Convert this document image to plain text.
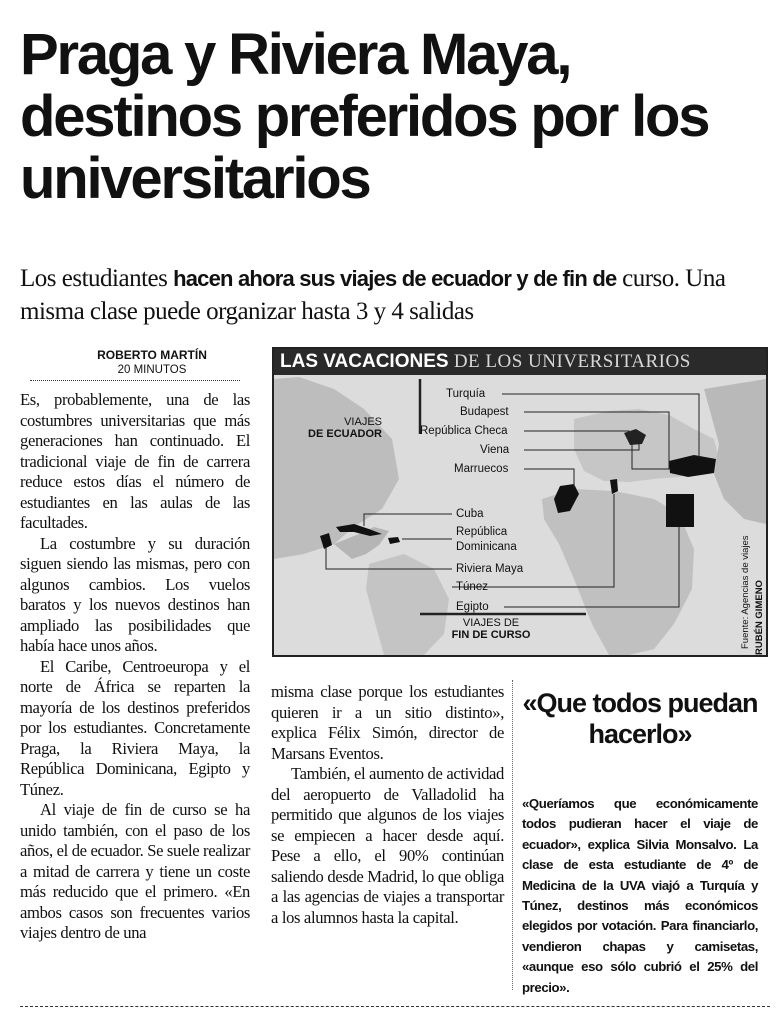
Praga y Riviera Maya, destinos preferidos por los universitarios

Los estudiantes hacen ahora sus viajes de ecuador y de fin de curso. Una misma clase puede organizar hasta 3 y 4 salidas

ROBERTO MARTÍN
20 MINUTOS

Es, probablemente, una de las costumbres universitarias que más generaciones han continuado. El tradicional viaje de fin de carrera reduce estos días el número de estudiantes en las aulas de las facultades.

La costumbre y su duración siguen siendo las mismas, pero con algunos cambios. Los vuelos baratos y los nuevos destinos han ampliado las posibilidades que había hace unos años.

El Caribe, Centroeuropa y el norte de África se reparten la mayoría de los destinos preferidos por los estudiantes. Concretamente Praga, la Riviera Maya, la República Dominicana, Egipto y Túnez.

Al viaje de fin de curso se ha unido también, con el paso de los años, el de ecuador. Se suele realizar a mitad de carrera y tiene un coste más reducido que el primero. «En ambos casos son frecuentes varios viajes dentro de una

LAS VACACIONES DE LOS UNIVERSITARIOS
VIAJES
DE ECUADOR
Turquía
Budapest
República Checa
Viena
Marruecos
Cuba
República
Dominicana
Riviera Maya
Túnez
Egipto
VIAJES DE
FIN DE CURSO	Fuente: Agencias de viajes RUBÉN GIMENO

misma clase porque los estudiantes quieren ir a un sitio distinto», explica Félix Simón, director de Marsans Eventos.

También, el aumento de actividad del aeropuerto de Valladolid ha permitido que algunos de los viajes se empiecen a hacer desde aquí. Pese a ello, el 90% continúan saliendo desde Madrid, lo que obliga a las agencias de viajes a transportar a los alumnos hasta la capital.

«Que todos puedan hacerlo»

«Queríamos que económicamente todos pudieran hacer el viaje de ecuador», explica Silvia Monsalvo. La clase de esta estudiante de 4º de Medicina de la UVA viajó a Turquía y Túnez, destinos más económicos elegidos por votación. Para financiarlo, vendieron chapas y camisetas, «aunque eso sólo cubrió el 25% del precio».
